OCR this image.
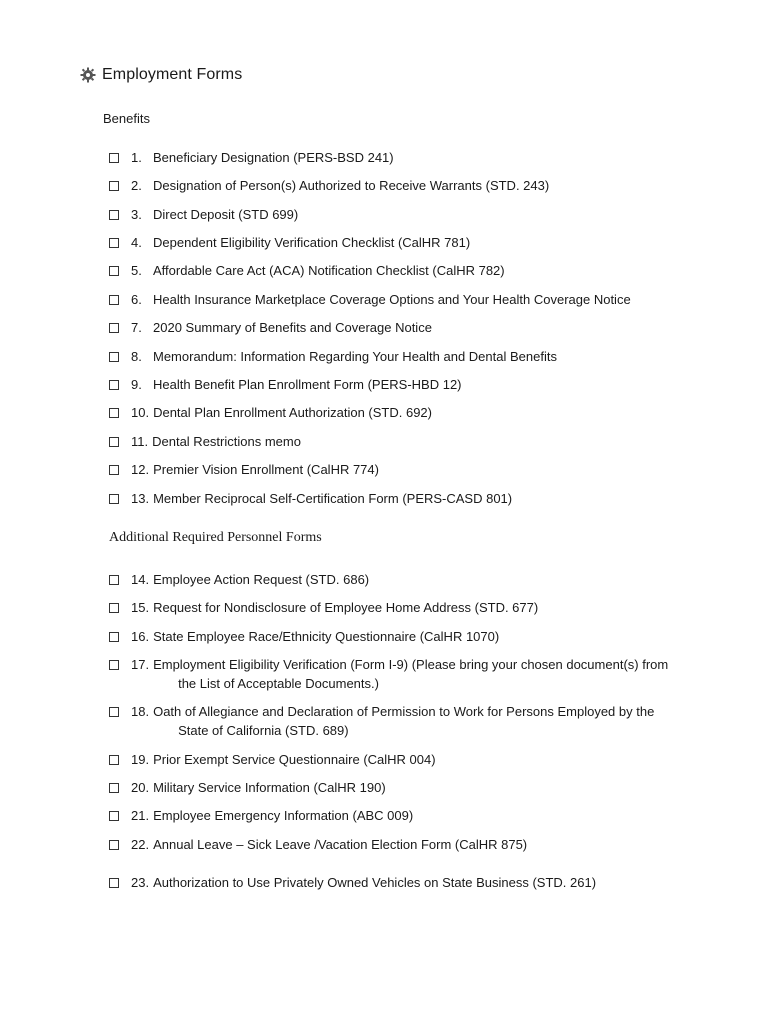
Employment Forms
Benefits
1. Beneficiary Designation (PERS-BSD 241)
2. Designation of Person(s) Authorized to Receive Warrants (STD. 243)
3. Direct Deposit (STD 699)
4. Dependent Eligibility Verification Checklist (CalHR 781)
5. Affordable Care Act (ACA) Notification Checklist (CalHR 782)
6. Health Insurance Marketplace Coverage Options and Your Health Coverage Notice
7. 2020 Summary of Benefits and Coverage Notice
8. Memorandum: Information Regarding Your Health and Dental Benefits
9. Health Benefit Plan Enrollment Form (PERS-HBD 12)
10. Dental Plan Enrollment Authorization (STD. 692)
11. Dental Restrictions memo
12. Premier Vision Enrollment (CalHR 774)
13. Member Reciprocal Self-Certification Form (PERS-CASD 801)
Additional Required Personnel Forms
14. Employee Action Request (STD. 686)
15. Request for Nondisclosure of Employee Home Address (STD. 677)
16. State Employee Race/Ethnicity Questionnaire (CalHR 1070)
17. Employment Eligibility Verification (Form I-9) (Please bring your chosen document(s) from
the List of Acceptable Documents.)
18. Oath of Allegiance and Declaration of Permission to Work for Persons Employed by the
State of California (STD. 689)
19. Prior Exempt Service Questionnaire (CalHR 004)
20. Military Service Information (CalHR 190)
21. Employee Emergency Information (ABC 009)
22. Annual Leave – Sick Leave /Vacation Election Form (CalHR 875)
23. Authorization to Use Privately Owned Vehicles on State Business (STD. 261)
